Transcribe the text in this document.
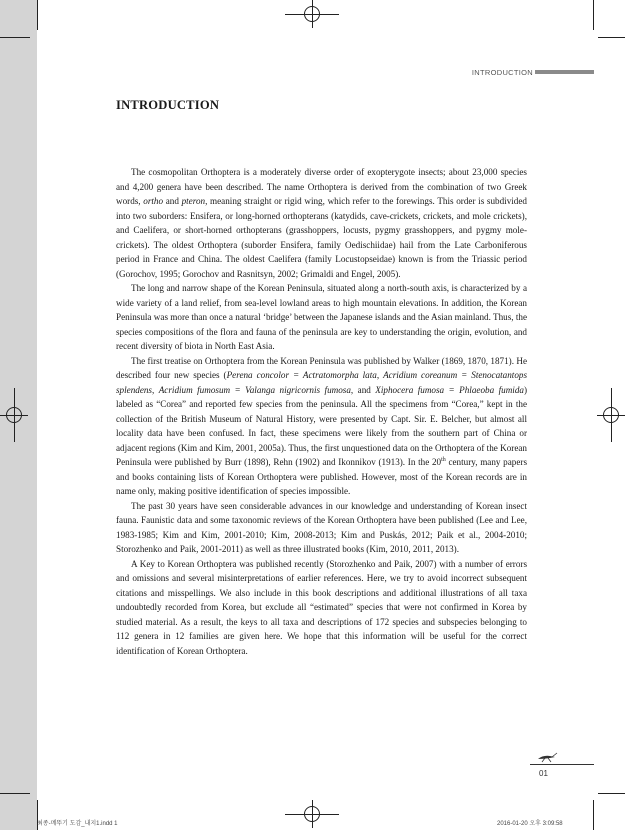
INTRODUCTION
INTRODUCTION

The cosmopolitan Orthoptera is a moderately diverse order of exopterygote insects; about 23,000 species and 4,200 genera have been described. The name Orthoptera is derived from the combination of two Greek words, ortho and pteron, meaning straight or rigid wing, which refer to the forewings. This order is subdivided into two suborders: Ensifera, or long-horned orthopterans (katydids, cave-crickets, crickets, and mole crickets), and Caelifera, or short-horned orthopterans (grasshoppers, locusts, pygmy grasshoppers, and pygmy mole-crickets). The oldest Orthoptera (suborder Ensifera, family Oedischiidae) hail from the Late Carboniferous period in France and China. The oldest Caelifera (family Locustopseidae) known is from the Triassic period (Gorochov, 1995; Gorochov and Rasnitsyn, 2002; Grimaldi and Engel, 2005).

The long and narrow shape of the Korean Peninsula, situated along a north-south axis, is characterized by a wide variety of a land relief, from sea-level lowland areas to high mountain elevations. In addition, the Korean Peninsula was more than once a natural ‘bridge’ between the Japanese islands and the Asian mainland. Thus, the species compositions of the flora and fauna of the peninsula are key to understanding the origin, evolution, and recent diversity of biota in North East Asia.

The first treatise on Orthoptera from the Korean Peninsula was published by Walker (1869, 1870, 1871). He described four new species (Perena concolor = Actratomorpha lata, Acridium coreanum = Stenocatantops splendens, Acridium fumosum = Valanga nigricornis fumosa, and Xiphocera fumosa = Phlaeoba fumida) labeled as “Corea” and reported few species from the peninsula. All the specimens from “Corea,” kept in the collection of the British Museum of Natural History, were presented by Capt. Sir. E. Belcher, but almost all locality data have been confused. In fact, these specimens were likely from the southern part of China or adjacent regions (Kim and Kim, 2001, 2005a). Thus, the first unquestioned data on the Orthoptera of the Korean Peninsula were published by Burr (1898), Rehn (1902) and Ikonnikov (1913). In the 20th century, many papers and books containing lists of Korean Orthoptera were published. However, most of the Korean records are in name only, making positive identification of species impossible.

The past 30 years have seen considerable advances in our knowledge and understanding of Korean insect fauna. Faunistic data and some taxonomic reviews of the Korean Orthoptera have been published (Lee and Lee, 1983-1985; Kim and Kim, 2001-2010; Kim, 2008-2013; Kim and Puskás, 2012; Paik et al., 2004-2010; Storozhenko and Paik, 2001-2011) as well as three illustrated books (Kim, 2010, 2011, 2013).

A Key to Korean Orthoptera was published recently (Storozhenko and Paik, 2007) with a number of errors and omissions and several misinterpretations of earlier references. Here, we try to avoid incorrect subsequent citations and misspellings. We also include in this book descriptions and additional illustrations of all taxa undoubtedly recorded from Korea, but exclude all “estimated” species that were not confirmed in Korea by studied material. As a result, the keys to all taxa and descriptions of 172 species and subspecies belonging to 112 genera in 12 families are given here. We hope that this information will be useful for the correct identification of Korean Orthoptera.

01
최종-메뚜기 도감_내지1.indd 1	2016-01-20 오후 3:09:58
